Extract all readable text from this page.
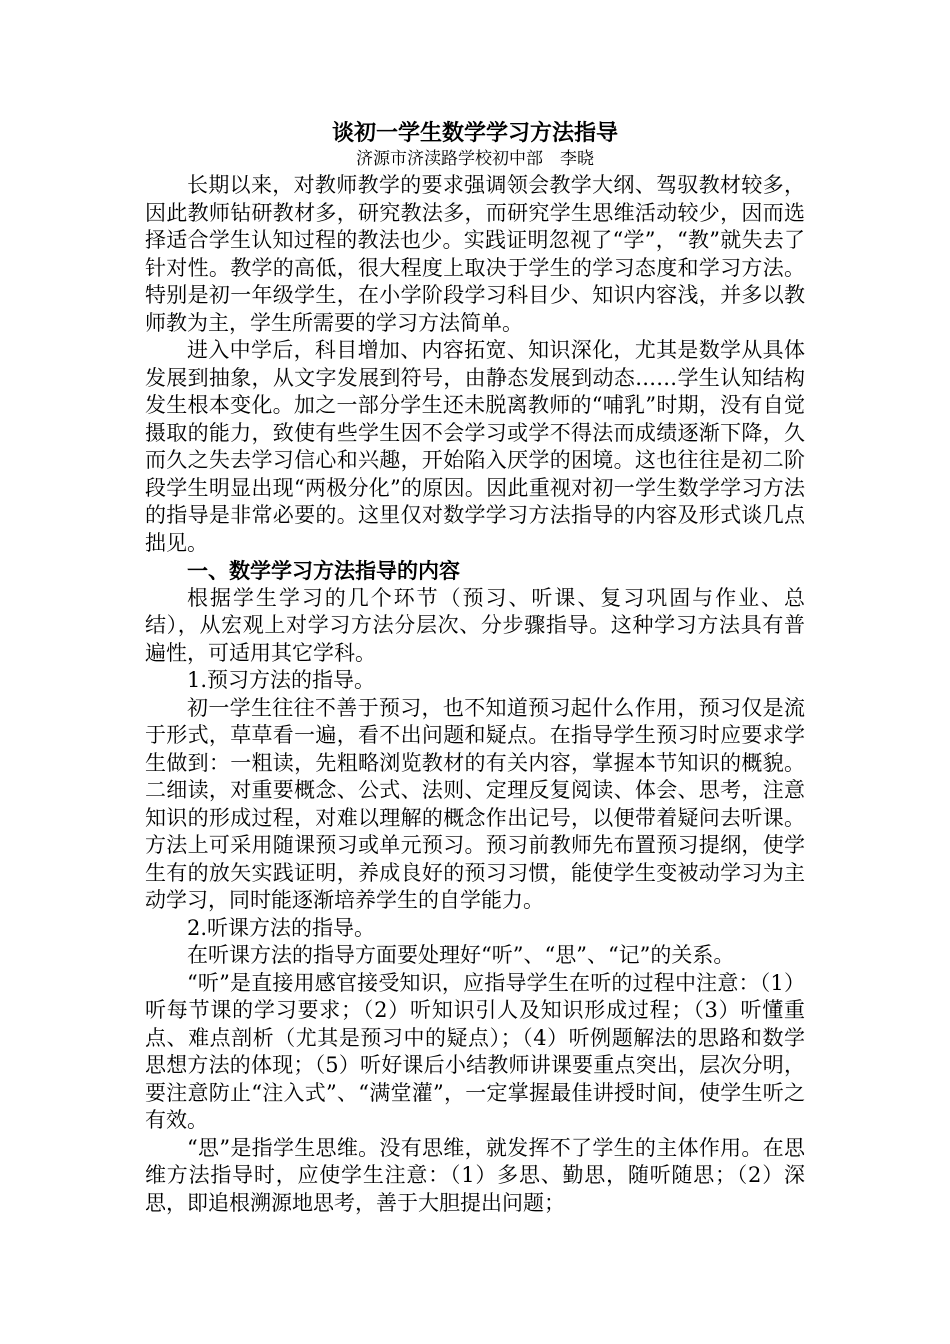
谈初一学生数学学习方法指导
济源市济渎路学校初中部　李晓

长期以来，对教师教学的要求强调领会教学大纲、驾驭教材较多，因此教师钻研教材多，研究教法多，而研究学生思维活动较少，因而选择适合学生认知过程的教法也少。实践证明忽视了“学”，“教”就失去了针对性。教学的高低，很大程度上取决于学生的学习态度和学习方法。特别是初一年级学生，在小学阶段学习科目少、知识内容浅，并多以教师教为主，学生所需要的学习方法简单。

进入中学后，科目增加、内容拓宽、知识深化，尤其是数学从具体发展到抽象，从文字发展到符号，由静态发展到动态……学生认知结构发生根本变化。加之一部分学生还未脱离教师的“哺乳”时期，没有自觉摄取的能力，致使有些学生因不会学习或学不得法而成绩逐渐下降，久而久之失去学习信心和兴趣，开始陷入厌学的困境。这也往往是初二阶段学生明显出现“两极分化”的原因。因此重视对初一学生数学学习方法的指导是非常必要的。这里仅对数学学习方法指导的内容及形式谈几点拙见。

一、数学学习方法指导的内容

根据学生学习的几个环节（预习、听课、复习巩固与作业、总结），从宏观上对学习方法分层次、分步骤指导。这种学习方法具有普遍性，可适用其它学科。

1.预习方法的指导。

初一学生往往不善于预习，也不知道预习起什么作用，预习仅是流于形式，草草看一遍，看不出问题和疑点。在指导学生预习时应要求学生做到：一粗读，先粗略浏览教材的有关内容，掌握本节知识的概貌。二细读，对重要概念、公式、法则、定理反复阅读、体会、思考，注意知识的形成过程，对难以理解的概念作出记号，以便带着疑问去听课。方法上可采用随课预习或单元预习。预习前教师先布置预习提纲，使学生有的放矢实践证明，养成良好的预习习惯，能使学生变被动学习为主动学习，同时能逐渐培养学生的自学能力。

2.听课方法的指导。

在听课方法的指导方面要处理好“听”、“思”、“记”的关系。

“听”是直接用感官接受知识，应指导学生在听的过程中注意：（1）听每节课的学习要求；（2）听知识引人及知识形成过程；（3）听懂重点、难点剖析（尤其是预习中的疑点）；（4）听例题解法的思路和数学思想方法的体现；（5）听好课后小结教师讲课要重点突出，层次分明，要注意防止“注入式”、“满堂灌”，一定掌握最佳讲授时间，使学生听之有效。

“思”是指学生思维。没有思维，就发挥不了学生的主体作用。在思维方法指导时，应使学生注意：（1）多思、勤思，随听随思；（2）深思，即追根溯源地思考，善于大胆提出问题；
